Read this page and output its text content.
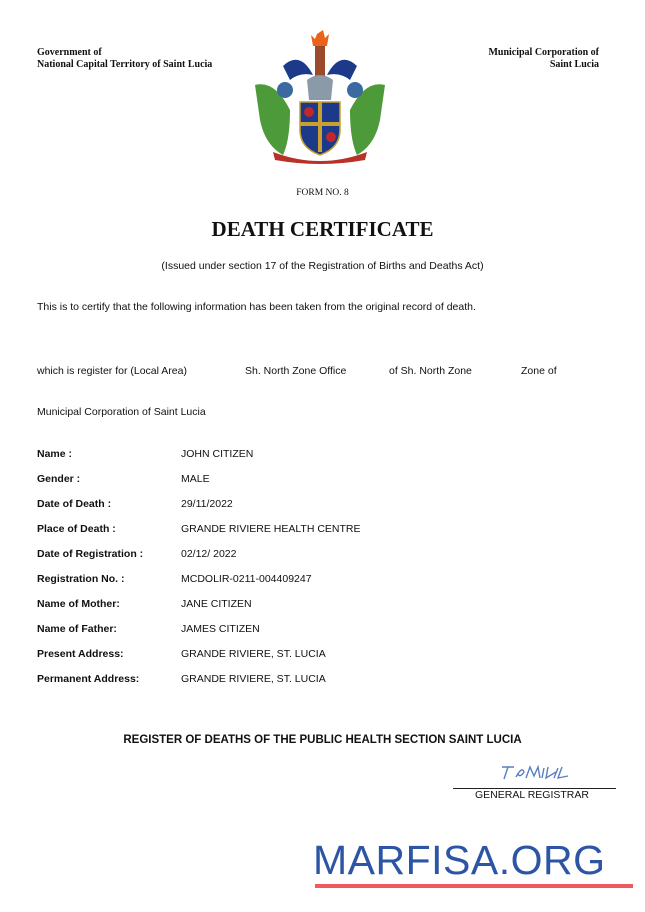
Government of
National Capital Territory of Saint Lucia
Municipal Corporation of
Saint Lucia
FORM NO. 8
DEATH CERTIFICATE
(Issued under section 17 of the Registration of Births and Deaths Act)
This is to certify that the following information has been taken from the original record of death.
which is register for (Local Area)	Sh. North Zone Office	of Sh. North Zone	Zone of
Municipal Corporation of Saint Lucia
Name :	JOHN CITIZEN
Gender :	MALE
Date of Death :	29/11/2022
Place of Death :	GRANDE RIVIERE HEALTH CENTRE
Date of Registration :	02/12/ 2022
Registration No. :	MCDOLIR-0211-004409247
Name of Mother:	JANE CITIZEN
Name of Father:	JAMES CITIZEN
Present Address:	GRANDE RIVIERE, ST. LUCIA
Permanent Address:	GRANDE RIVIERE, ST. LUCIA
REGISTER OF DEATHS OF THE PUBLIC HEALTH SECTION SAINT LUCIA
GENERAL REGISTRAR
MARFISA.ORG
